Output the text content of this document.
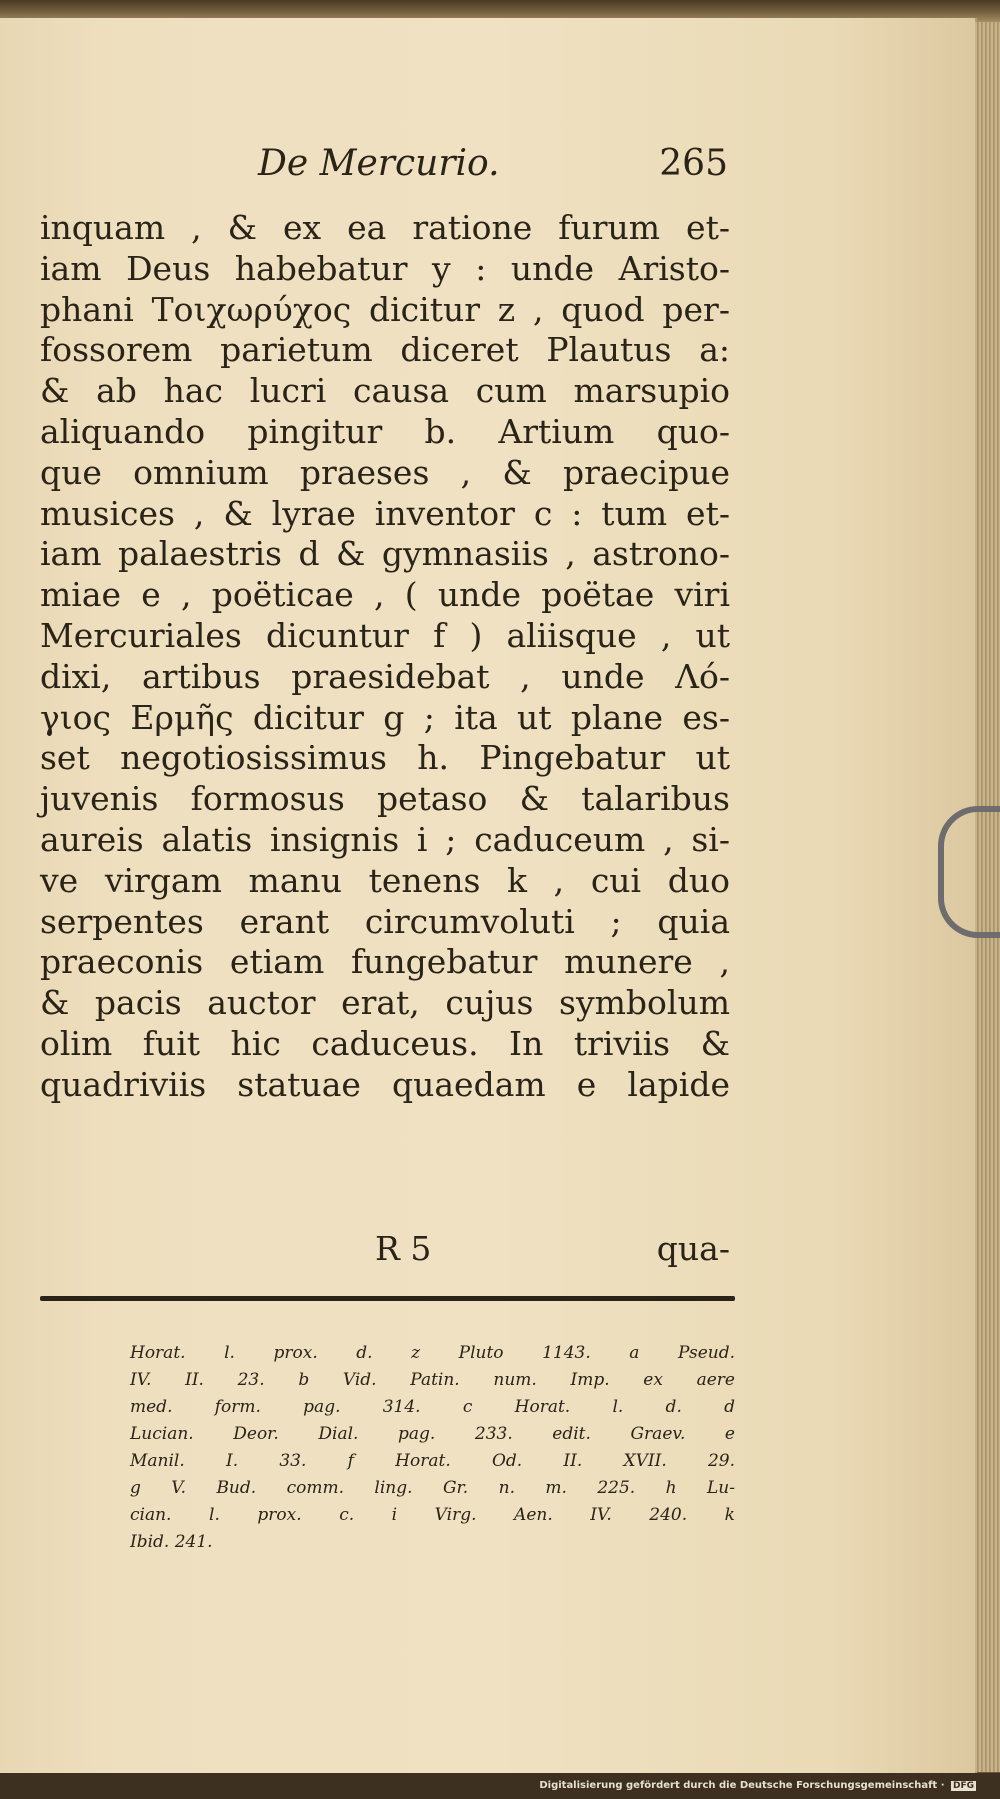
De Mercurio.	265
inquam , & ex ea ratione furum et-
iam Deus habebatur y : unde Aristo-
phani Τοιχωρύχος dicitur z , quod per-
fossorem parietum diceret Plautus a:
& ab hac lucri causa cum marsupio
aliquando pingitur b. Artium quo-
que omnium praeses , & praecipue
musices , & lyrae inventor c : tum et-
iam palaestris d & gymnasiis , astrono-
miae e , poëticae , ( unde poëtae viri
Mercuriales dicuntur f ) aliisque , ut
dixi, artibus praesidebat , unde Λό-
γιος Ερμῆς dicitur g ; ita ut plane es-
set negotiosissimus h. Pingebatur ut
juvenis formosus petaso & talaribus
aureis alatis insignis i ; caduceum , si-
ve virgam manu tenens k , cui duo
serpentes erant circumvoluti ; quia
praeconis etiam fungebatur munere ,
& pacis auctor erat, cujus symbolum
olim fuit hic caduceus. In triviis &
quadriviis statuae quaedam e lapide
R 5	qua-
Horat. l. prox. d. z Pluto 1143. a Pseud.
IV. II. 23. b Vid. Patin. num. Imp. ex aere
med. form. pag. 314. c Horat. l. d. d
Lucian. Deor. Dial. pag. 233. edit. Graev. e
Manil. I. 33. f Horat. Od. II. XVII. 29.
g V. Bud. comm. ling. Gr. n. m. 225. h Lu-
cian. l. prox. c. i Virg. Aen. IV. 240. k
Ibid. 241.
Digitalisierung gefördert durch die Deutsche Forschungsgemeinschaft · DFG
